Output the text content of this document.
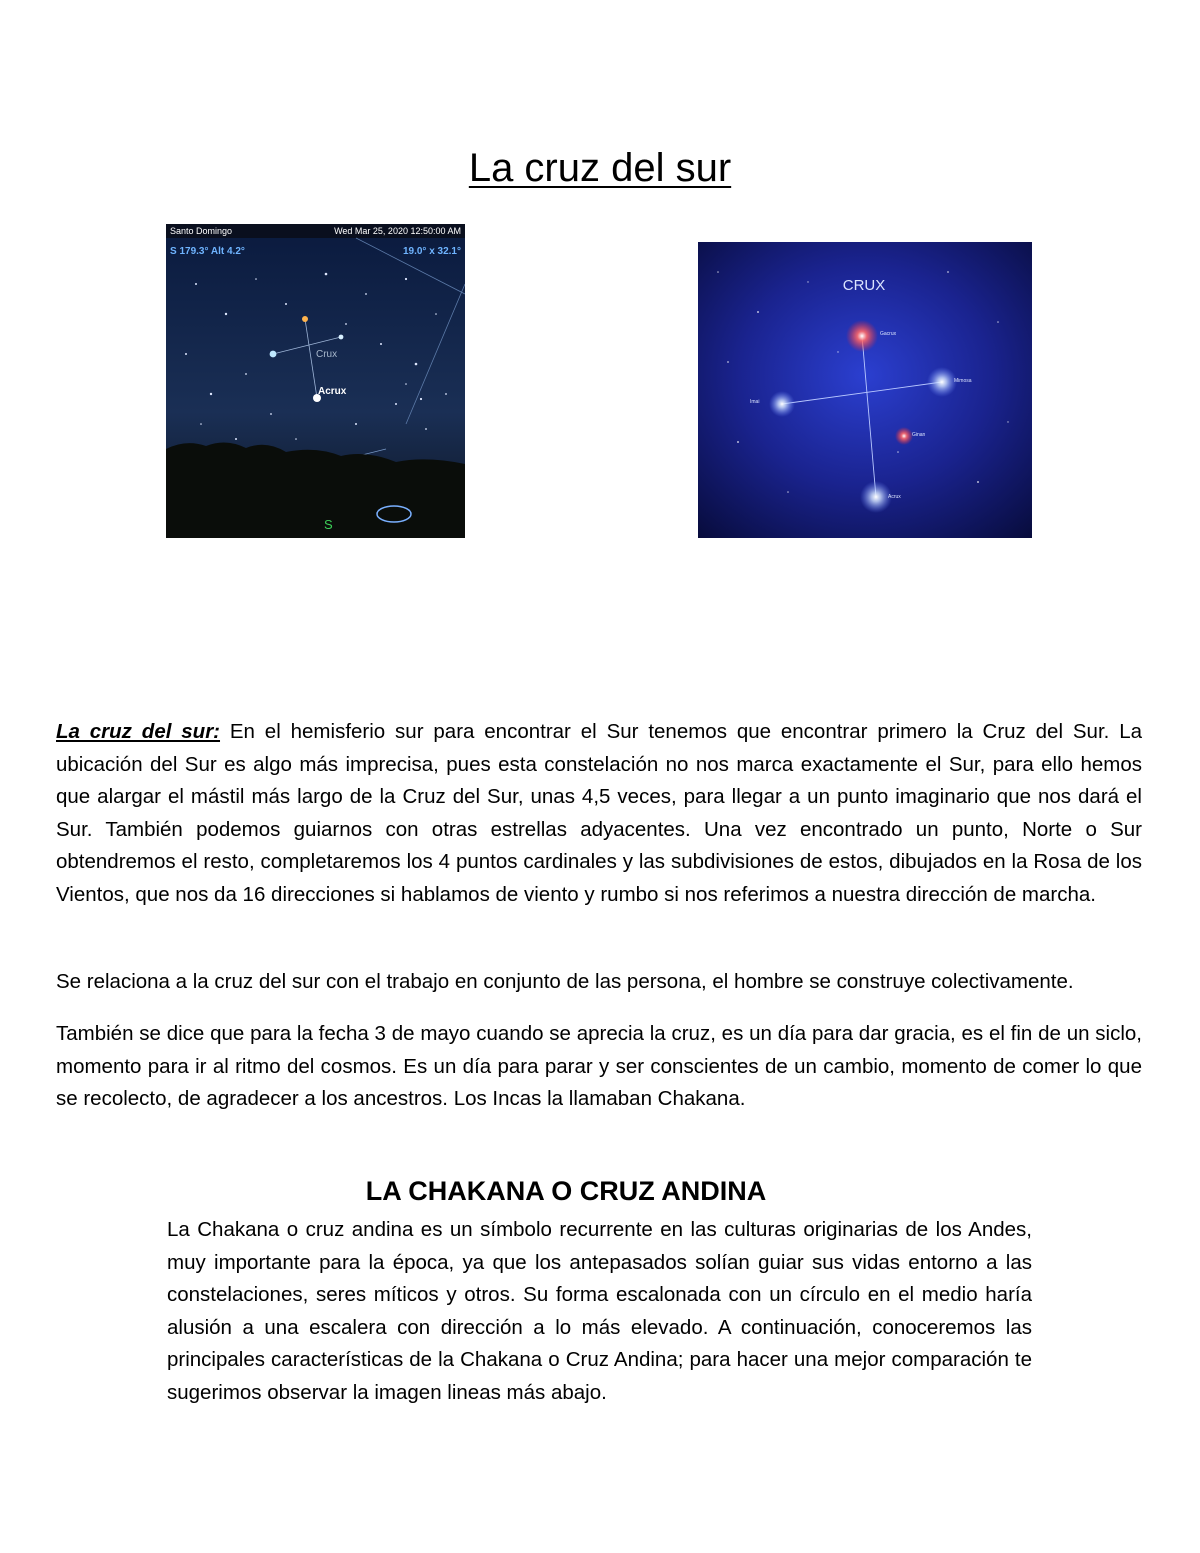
La cruz del sur
Santo Domingo	Wed Mar 25, 2020 12:50:00 AM
S 179.3° Alt 4.2°	19.0° x 32.1°
Crux
Acrux
S
CRUX
Gacrux
Mimosa
Imai
Acrux
Ginan

La cruz del sur: En el hemisferio sur para encontrar el Sur tenemos que encontrar primero la Cruz del Sur. La ubicación del Sur es algo más imprecisa, pues esta constelación no nos marca exactamente el Sur, para ello hemos que alargar el mástil más largo de la Cruz del Sur, unas 4,5 veces, para llegar a un punto imaginario que nos dará el Sur. También podemos guiarnos con otras estrellas adyacentes. Una vez encontrado un punto, Norte o Sur obtendremos el resto, completaremos los 4 puntos cardinales y las subdivisiones de estos, dibujados en la Rosa de los Vientos, que nos da 16 direcciones si hablamos de viento y rumbo si nos referimos a nuestra dirección de marcha.

Se relaciona a la cruz del sur con el trabajo en conjunto de las persona, el hombre se construye colectivamente.

También se dice que para la fecha 3 de mayo cuando se aprecia la cruz, es un día para dar gracia, es el fin de un siclo, momento para ir al ritmo del cosmos. Es un día para parar y ser conscientes de un cambio, momento de comer lo que se recolecto, de agradecer a los ancestros. Los Incas la llamaban Chakana.

LA CHAKANA O CRUZ ANDINA

La Chakana o cruz andina es un símbolo recurrente en las culturas originarias de los Andes, muy importante para la época, ya que los antepasados solían guiar sus vidas entorno a las constelaciones, seres míticos y otros. Su forma escalonada con un círculo en el medio haría alusión a una escalera con dirección a lo más elevado. A continuación, conoceremos las principales características de la Chakana o Cruz Andina; para hacer una mejor comparación te sugerimos observar la imagen lineas más abajo.
